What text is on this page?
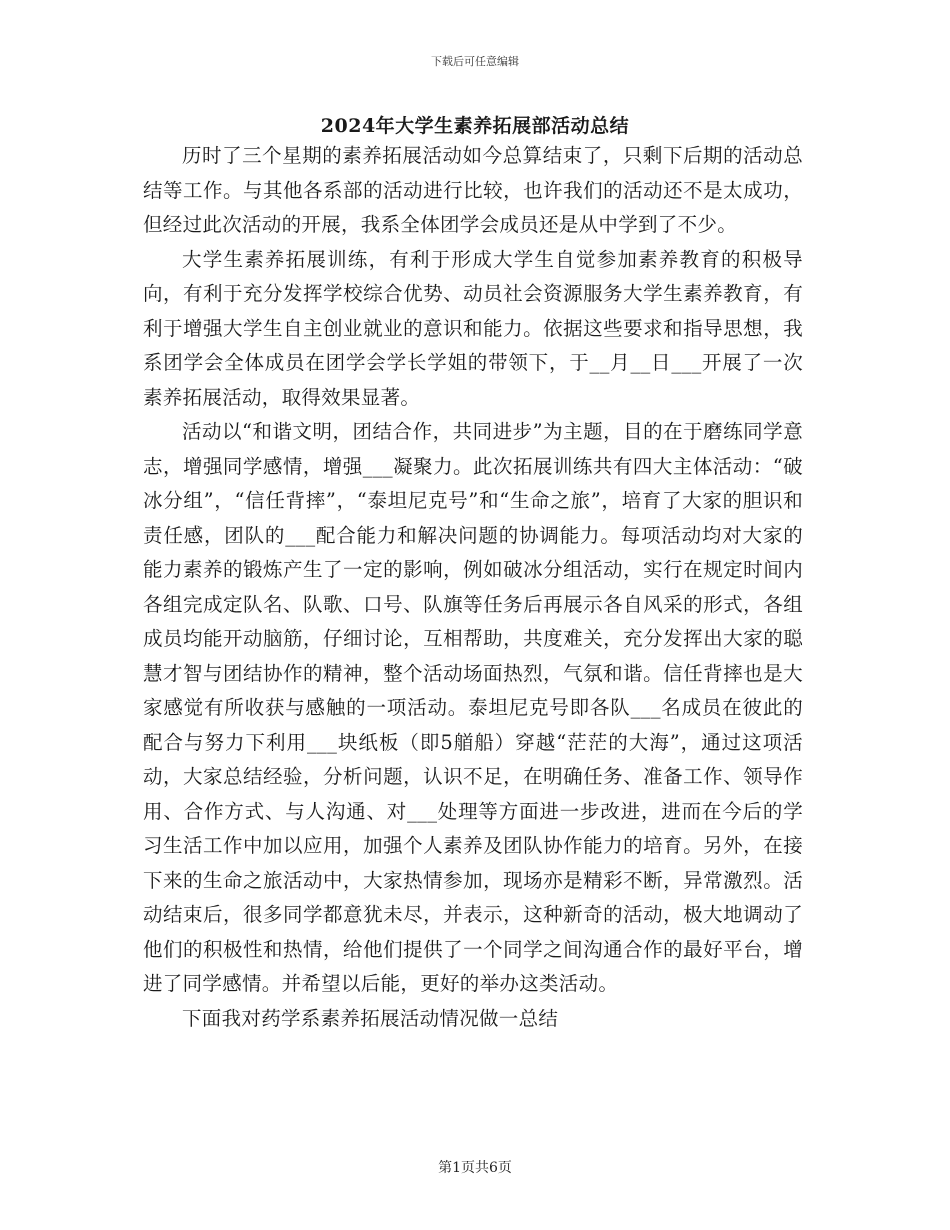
下载后可任意编辑
2024年大学生素养拓展部活动总结

历时了三个星期的素养拓展活动如今总算结束了，只剩下后期的活动总结等工作。与其他各系部的活动进行比较，也许我们的活动还不是太成功，但经过此次活动的开展，我系全体团学会成员还是从中学到了不少。

大学生素养拓展训练，有利于形成大学生自觉参加素养教育的积极导向，有利于充分发挥学校综合优势、动员社会资源服务大学生素养教育，有利于增强大学生自主创业就业的意识和能力。依据这些要求和指导思想，我系团学会全体成员在团学会学长学姐的带领下，于__月__日___开展了一次素养拓展活动，取得效果显著。

活动以“和谐文明，团结合作，共同进步”为主题，目的在于磨练同学意志，增强同学感情，增强___凝聚力。此次拓展训练共有四大主体活动：“破冰分组”，“信任背摔”，“泰坦尼克号”和“生命之旅”，培育了大家的胆识和责任感，团队的___配合能力和解决问题的协调能力。每项活动均对大家的能力素养的锻炼产生了一定的影响，例如破冰分组活动，实行在规定时间内各组完成定队名、队歌、口号、队旗等任务后再展示各自风采的形式，各组成员均能开动脑筋，仔细讨论，互相帮助，共度难关，充分发挥出大家的聪慧才智与团结协作的精神，整个活动场面热烈，气氛和谐。信任背摔也是大家感觉有所收获与感触的一项活动。泰坦尼克号即各队___名成员在彼此的配合与努力下利用___块纸板（即5艏船）穿越“茫茫的大海”，通过这项活动，大家总结经验，分析问题，认识不足，在明确任务、准备工作、领导作用、合作方式、与人沟通、对___处理等方面进一步改进，进而在今后的学习生活工作中加以应用，加强个人素养及团队协作能力的培育。另外，在接下来的生命之旅活动中，大家热情参加，现场亦是精彩不断，异常激烈。活动结束后，很多同学都意犹未尽，并表示，这种新奇的活动，极大地调动了他们的积极性和热情，给他们提供了一个同学之间沟通合作的最好平台，增进了同学感情。并希望以后能，更好的举办这类活动。

下面我对药学系素养拓展活动情况做一总结

第1页共6页
